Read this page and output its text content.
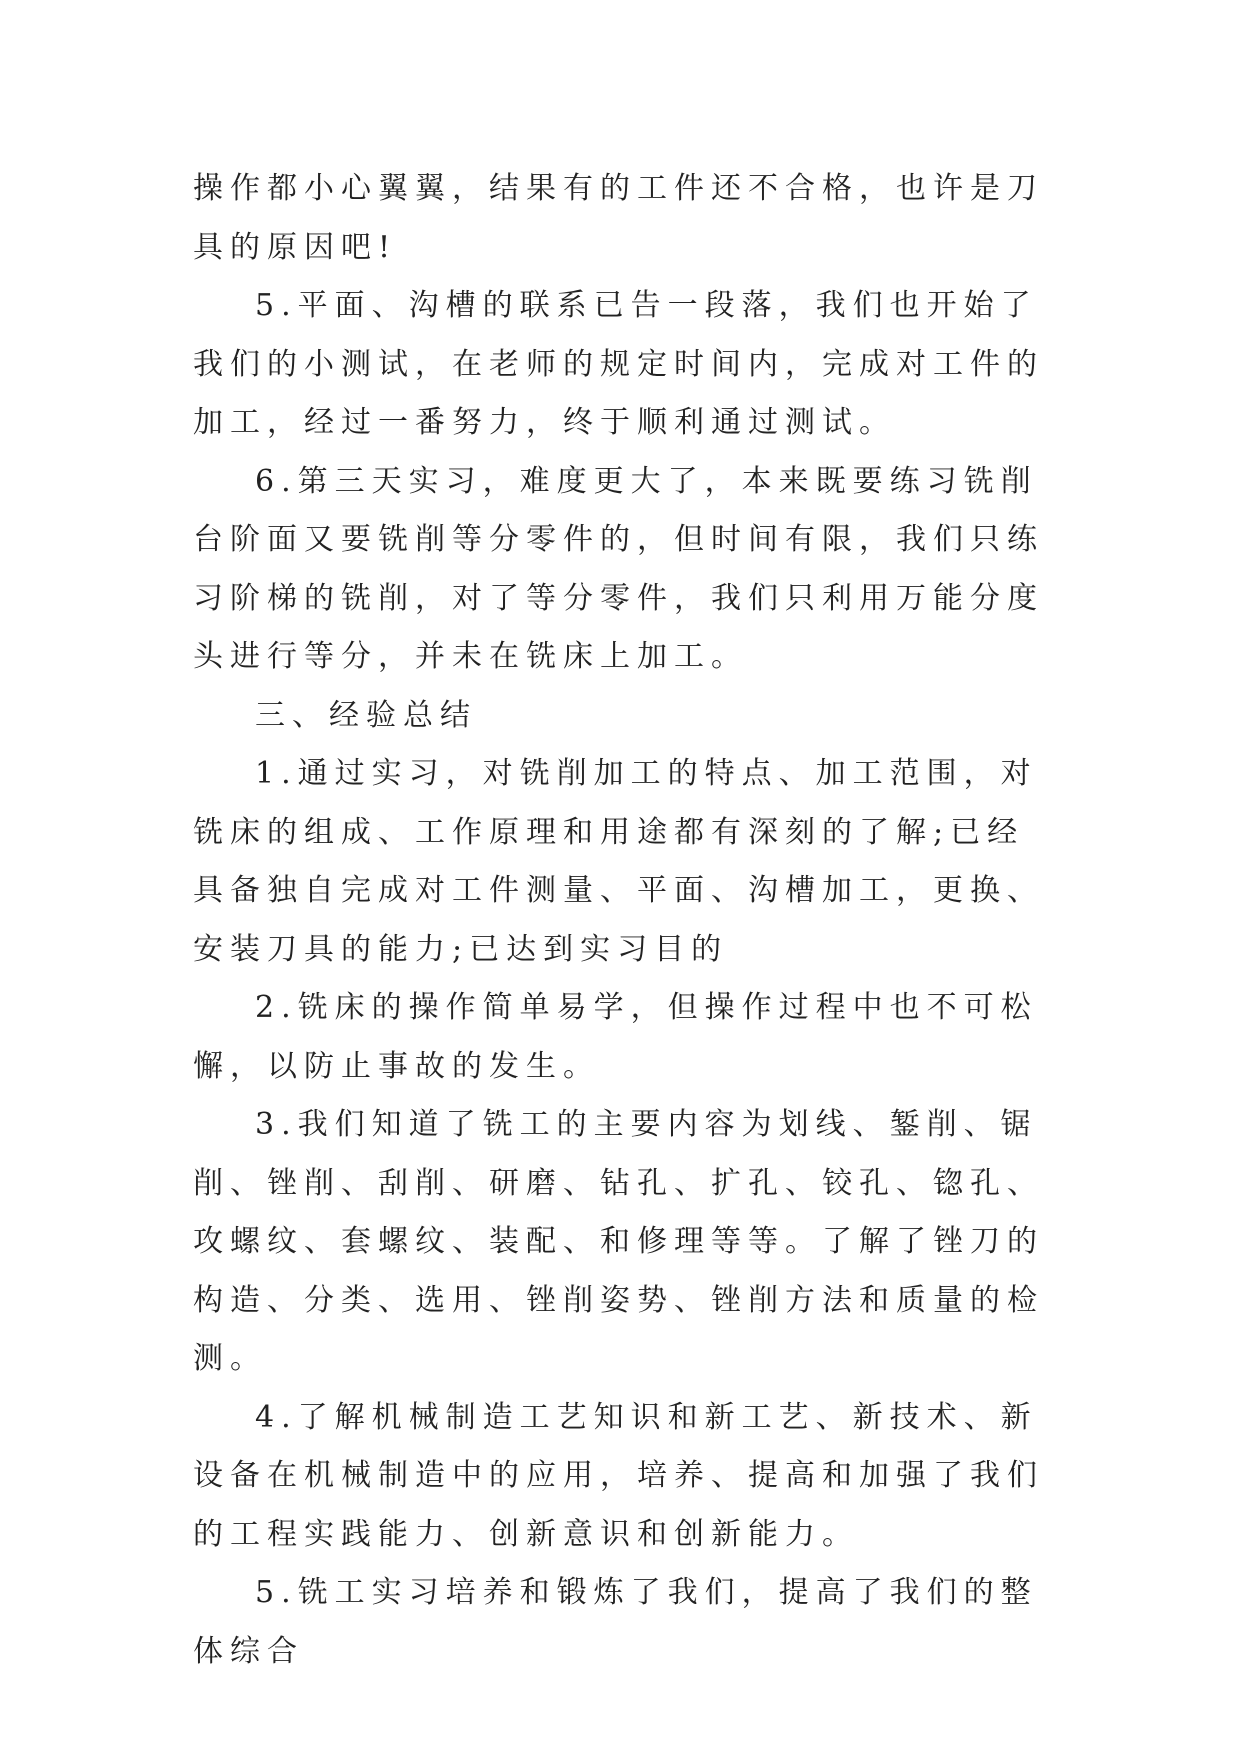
操作都小心翼翼，结果有的工件还不合格，也许是刀具的原因吧!

5.平面、沟槽的联系已告一段落，我们也开始了我们的小测试，在老师的规定时间内，完成对工件的加工，经过一番努力，终于顺利通过测试。

6.第三天实习，难度更大了，本来既要练习铣削台阶面又要铣削等分零件的，但时间有限，我们只练习阶梯的铣削，对了等分零件，我们只利用万能分度头进行等分，并未在铣床上加工。

三、经验总结

1.通过实习，对铣削加工的特点、加工范围，对铣床的组成、工作原理和用途都有深刻的了解;已经具备独自完成对工件测量、平面、沟槽加工，更换、安装刀具的能力;已达到实习目的

2.铣床的操作简单易学，但操作过程中也不可松懈，以防止事故的发生。

3.我们知道了铣工的主要内容为划线、錾削、锯削、锉削、刮削、研磨、钻孔、扩孔、铰孔、锪孔、攻螺纹、套螺纹、装配、和修理等等。了解了锉刀的构造、分类、选用、锉削姿势、锉削方法和质量的检测。

4.了解机械制造工艺知识和新工艺、新技术、新设备在机械制造中的应用，培养、提高和加强了我们的工程实践能力、创新意识和创新能力。

5.铣工实习培养和锻炼了我们，提高了我们的整体综合
